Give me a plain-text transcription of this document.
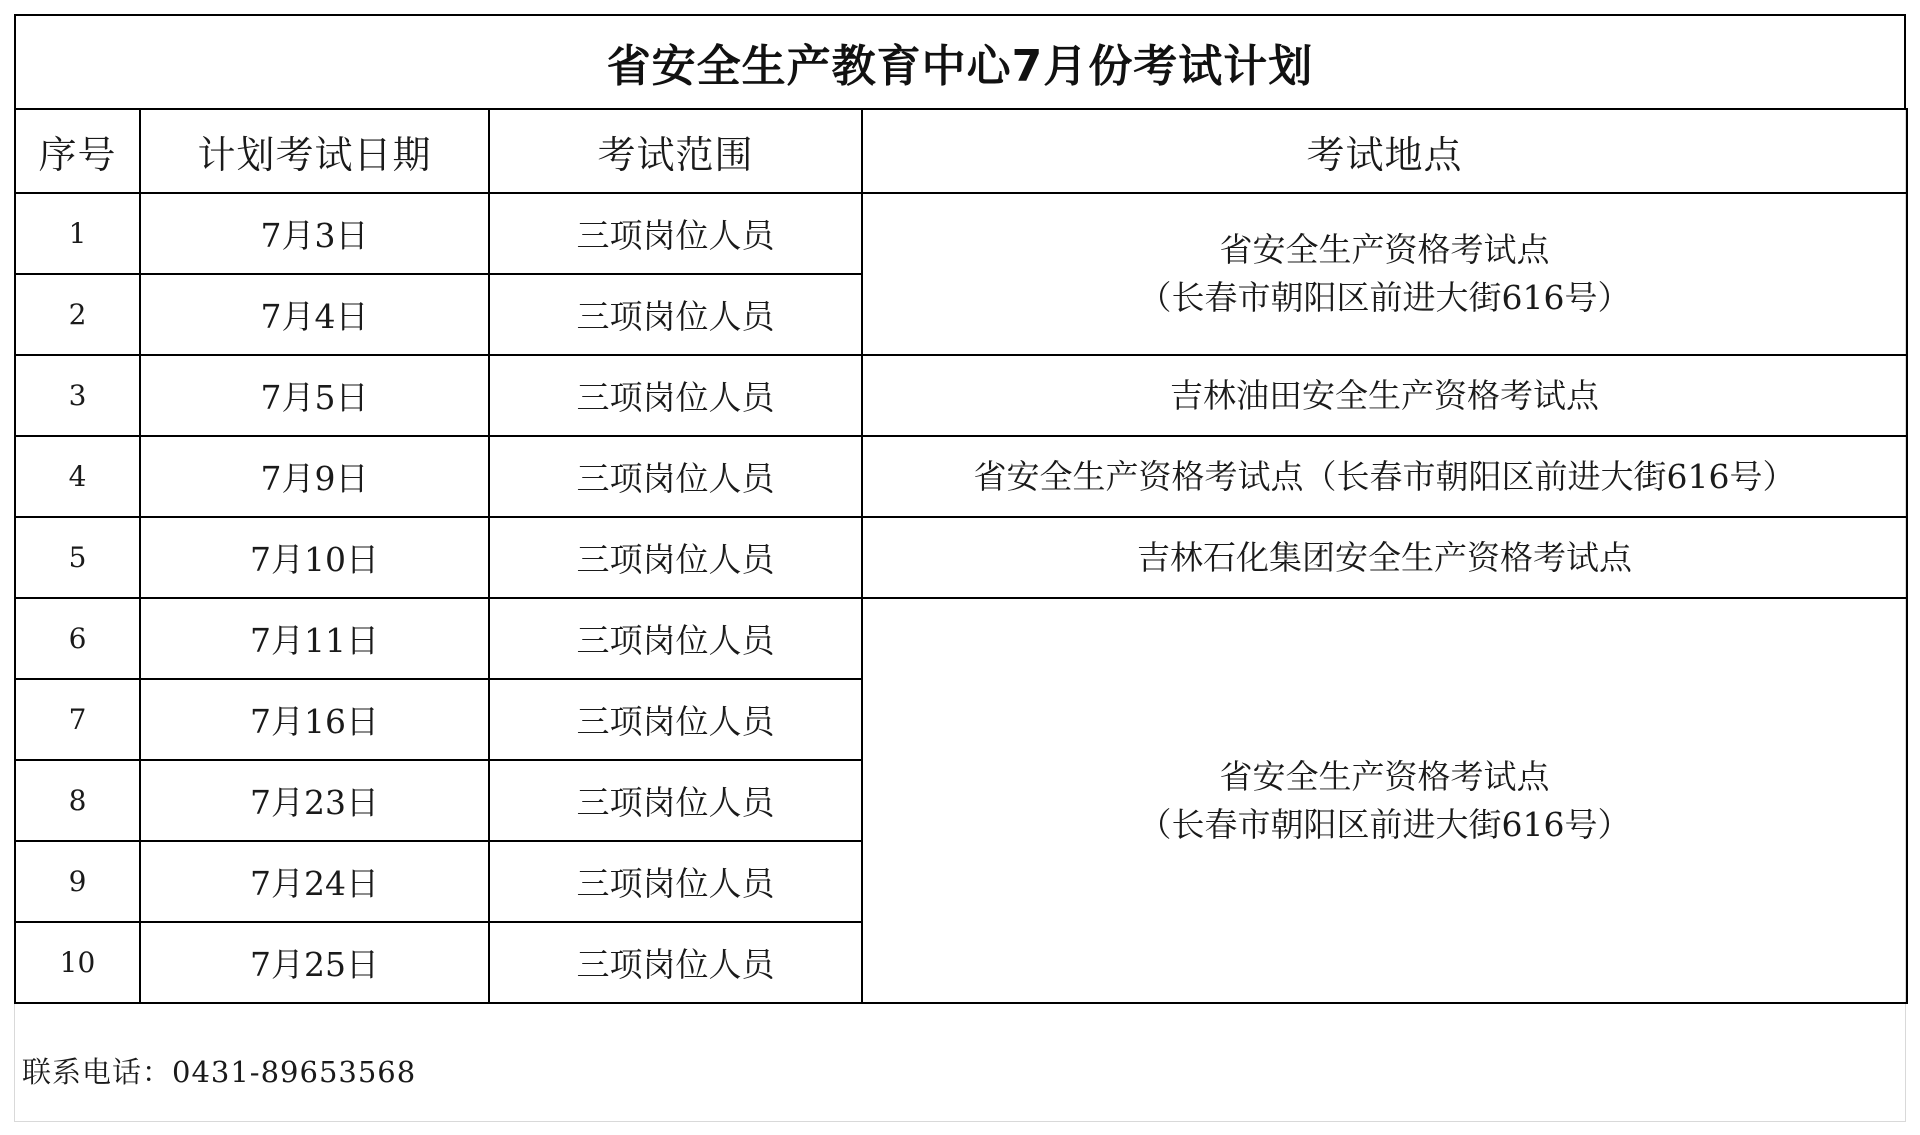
省安全生产教育中心7月份考试计划
序号	计划考试日期	考试范围	考试地点
1	7月3日	三项岗位人员	省安全生产资格考试点
（长春市朝阳区前进大街616号）

2	7月4日	三项岗位人员	
3	7月5日	三项岗位人员	吉林油田安全生产资格考试点
4	7月9日	三项岗位人员	省安全生产资格考试点（长春市朝阳区前进大街616号）
5	7月10日	三项岗位人员	吉林石化集团安全生产资格考试点
6	7月11日	三项岗位人员	省安全生产资格考试点
（长春市朝阳区前进大街616号）

7	7月16日	三项岗位人员	
8	7月23日	三项岗位人员	
9	7月24日	三项岗位人员	
10	7月25日	三项岗位人员	
联系电话：0431-89653568
